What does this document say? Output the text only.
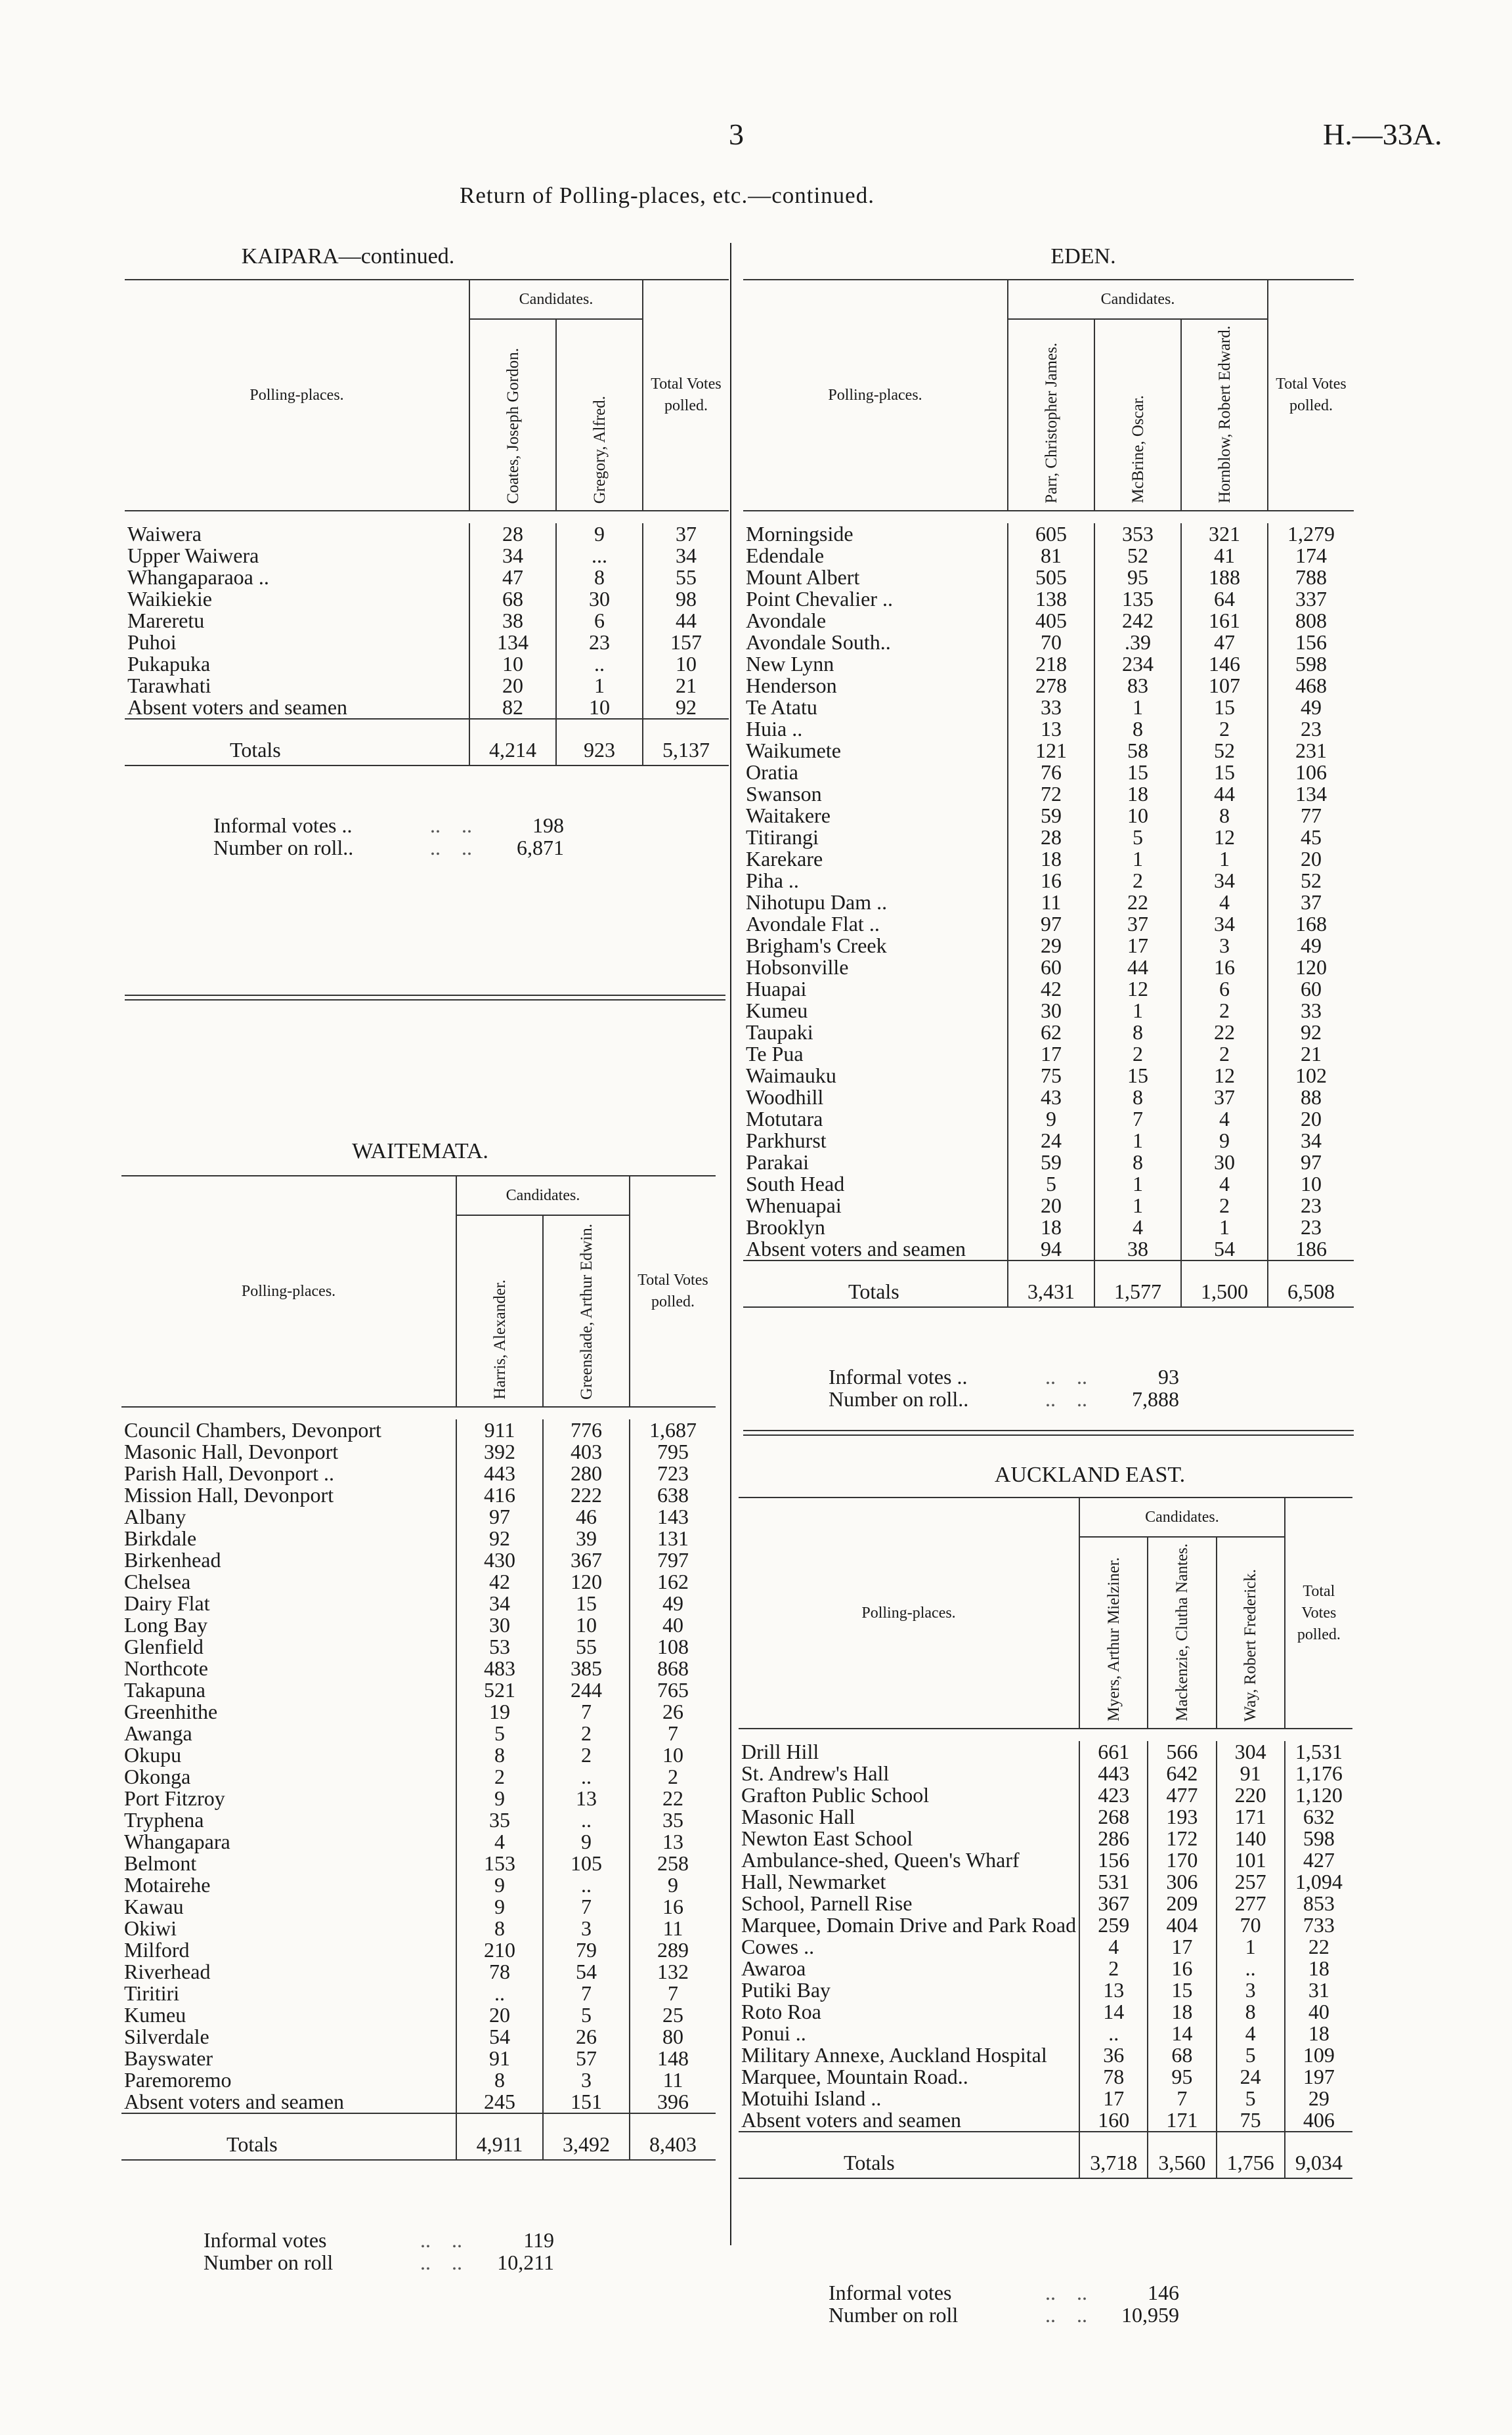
3	H.—33A.
Return of Polling-places, etc.—continued.
KAIPARA—continued.
Polling-places.	Candidates.		Total Votes polled.

	Coates, Joseph Gordon.	Gregory, Alfred.	

Waiwera	28	9	37
Upper Waiwera	34	...	34
Whangaparaoa ..	47	8	55
Waikiekie	68	30	98
Mareretu	38	6	44
Puhoi	134	23	157
Pukapuka	10	..	10
Tarawhati	20	1	21
Absent voters and seamen	82	10	92
Totals	4,214	923	5,137
Informal votes ..	..    ..	198
Number on roll..	..    .. 6,871
WAITEMATA.
Polling-places.	Candidates.		Total Votes polled.

	Harris, Alexander.	Greenslade, Arthur Edwin.	

Council Chambers, Devonport	911	776	1,687
Masonic Hall, Devonport	392	403	795
Parish Hall, Devonport ..	443	280	723
Mission Hall, Devonport	416	222	638
Albany	97	46	143
Birkdale	92	39	131
Birkenhead	430	367	797
Chelsea	42	120	162
Dairy Flat	34	15	49
Long Bay	30	10	40
Glenfield	53	55	108
Northcote	483	385	868
Takapuna	521	244	765
Greenhithe	19	7	26
Awanga	5	2	7
Okupu	8	2	10
Okonga	2	..	2
Port Fitzroy	9	13	22
Tryphena	35	..	35
Whangapara	4	9	13
Belmont	153	105	258
Motairehe	9	..	9
Kawau	9	7	16
Okiwi	8	3	11
Milford	210	79	289
Riverhead	78	54	132
Tiritiri	..	7	7
Kumeu	20	5	25
Silverdale	54	26	80
Bayswater	91	57	148
Paremoremo	8	3	11
Absent voters and seamen	245	151	396
Totals	4,911	3,492	8,403
Informal votes	..    ..	119
Number on roll	..    .. 10,211
EDEN.
Polling-places.	Candidates.			Total Votes polled.

	Parr, Christopher James.	McBrine, Oscar.	Hornblow, Robert Edward.	

Morningside	605	353	321	1,279
Edendale	81	52	41	174
Mount Albert	505	95	188	788
Point Chevalier ..	138	135	64	337
Avondale	405	242	161	808
Avondale South..	70	.39	47	156
New Lynn	218	234	146	598
Henderson	278	83	107	468
Te Atatu	33	1	15	49
Huia ..	13	8	2	23
Waikumete	121	58	52	231
Oratia	76	15	15	106
Swanson	72	18	44	134
Waitakere	59	10	8	77
Titirangi	28	5	12	45
Karekare	18	1	1	20
Piha ..	16	2	34	52
Nihotupu Dam ..	11	22	4	37
Avondale Flat ..	97	37	34	168
Brigham's Creek	29	17	3	49
Hobsonville	60	44	16	120
Huapai	42	12	6	60
Kumeu	30	1	2	33
Taupaki	62	8	22	92
Te Pua	17	2	2	21
Waimauku	75	15	12	102
Woodhill	43	8	37	88
Motutara	9	7	4	20
Parkhurst	24	1	9	34
Parakai	59	8	30	97
South Head	5	1	4	10
Whenuapai	20	1	2	23
Brooklyn	18	4	1	23
Absent voters and seamen	94	38	54	186
Totals	3,431	1,577	1,500	6,508
Informal votes ..	..    ..	93
Number on roll..	..    .. 7,888
AUCKLAND EAST.
Polling-places.	Candidates.			Total Votes polled.

	Myers, Arthur Mielziner.	Mackenzie, Clutha Nantes.	Way, Robert Frederick.	

Drill Hill	661	566	304	1,531
St. Andrew's Hall	443	642	91	1,176
Grafton Public School	423	477	220	1,120
Masonic Hall	268	193	171	632
Newton East School	286	172	140	598
Ambulance-shed, Queen's Wharf	156	170	101	427
Hall, Newmarket	531	306	257	1,094
School, Parnell Rise	367	209	277	853
Marquee, Domain Drive and Park Road	259	404	70	733
Cowes ..	4	17	1	22
Awaroa	2	16	..	18
Putiki Bay	13	15	3	31
Roto Roa	14	18	8	40
Ponui ..	..	14	4	18
Military Annexe, Auckland Hospital	36	68	5	109
Marquee, Mountain Road..	78	95	24	197
Motuihi Island ..	17	7	5	29
Absent voters and seamen	160	171	75	406
Totals	3,718	3,560	1,756	9,034
Informal votes	..    ..	146
Number on roll	..    .. 10,959
